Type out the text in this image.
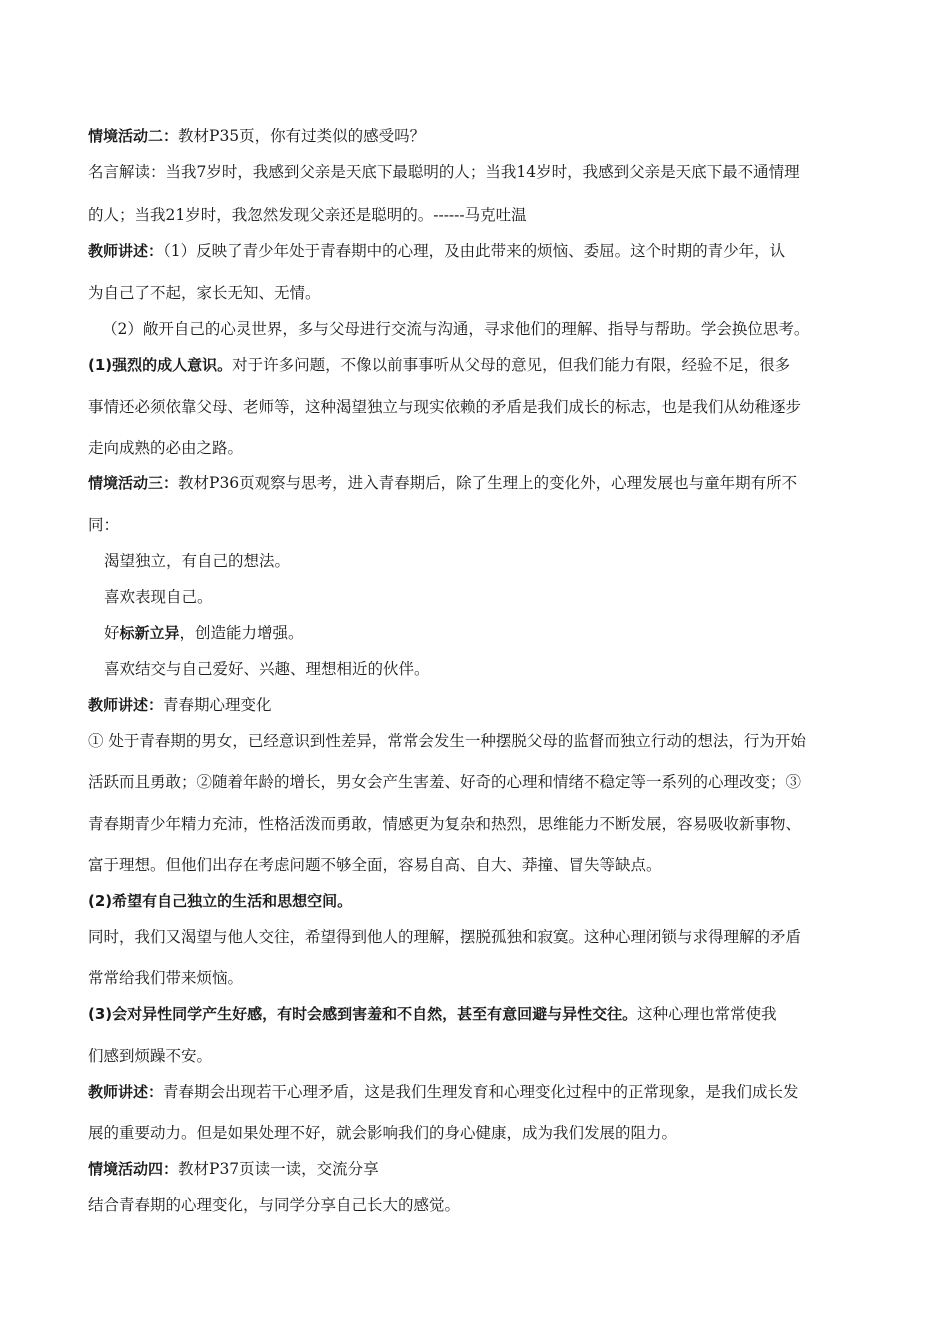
情境活动二：教材P35页，你有过类似的感受吗？
名言解读：当我7岁时，我感到父亲是天底下最聪明的人；当我14岁时，我感到父亲是天底下最不通情理
的人；当我21岁时，我忽然发现父亲还是聪明的。------马克吐温
教师讲述：（1）反映了青少年处于青春期中的心理，及由此带来的烦恼、委屈。这个时期的青少年，认
为自己了不起，家长无知、无情。
（2）敞开自己的心灵世界，多与父母进行交流与沟通，寻求他们的理解、指导与帮助。学会换位思考。
(1)强烈的成人意识。对于许多问题，不像以前事事听从父母的意见，但我们能力有限，经验不足，很多
事情还必须依靠父母、老师等，这种渴望独立与现实依赖的矛盾是我们成长的标志，也是我们从幼稚逐步
走向成熟的必由之路。
情境活动三：教材P36页观察与思考，进入青春期后，除了生理上的变化外，心理发展也与童年期有所不
同：
渴望独立，有自己的想法。
喜欢表现自己。
好标新立异，创造能力增强。
喜欢结交与自己爱好、兴趣、理想相近的伙伴。
教师讲述：青春期心理变化
① 处于青春期的男女，已经意识到性差异，常常会发生一种摆脱父母的监督而独立行动的想法，行为开始
活跃而且勇敢；②随着年龄的增长，男女会产生害羞、好奇的心理和情绪不稳定等一系列的心理改变；③
青春期青少年精力充沛，性格活泼而勇敢，情感更为复杂和热烈，思维能力不断发展，容易吸收新事物、
富于理想。但他们出存在考虑问题不够全面，容易自高、自大、莽撞、冒失等缺点。
(2)希望有自己独立的生活和思想空间。
同时，我们又渴望与他人交往，希望得到他人的理解，摆脱孤独和寂寞。这种心理闭锁与求得理解的矛盾
常常给我们带来烦恼。
(3)会对异性同学产生好感，有时会感到害羞和不自然，甚至有意回避与异性交往。这种心理也常常使我
们感到烦躁不安。
教师讲述：青春期会出现若干心理矛盾，这是我们生理发育和心理变化过程中的正常现象，是我们成长发
展的重要动力。但是如果处理不好，就会影响我们的身心健康，成为我们发展的阻力。
情境活动四：教材P37页读一读，交流分享
结合青春期的心理变化，与同学分享自己长大的感觉。
